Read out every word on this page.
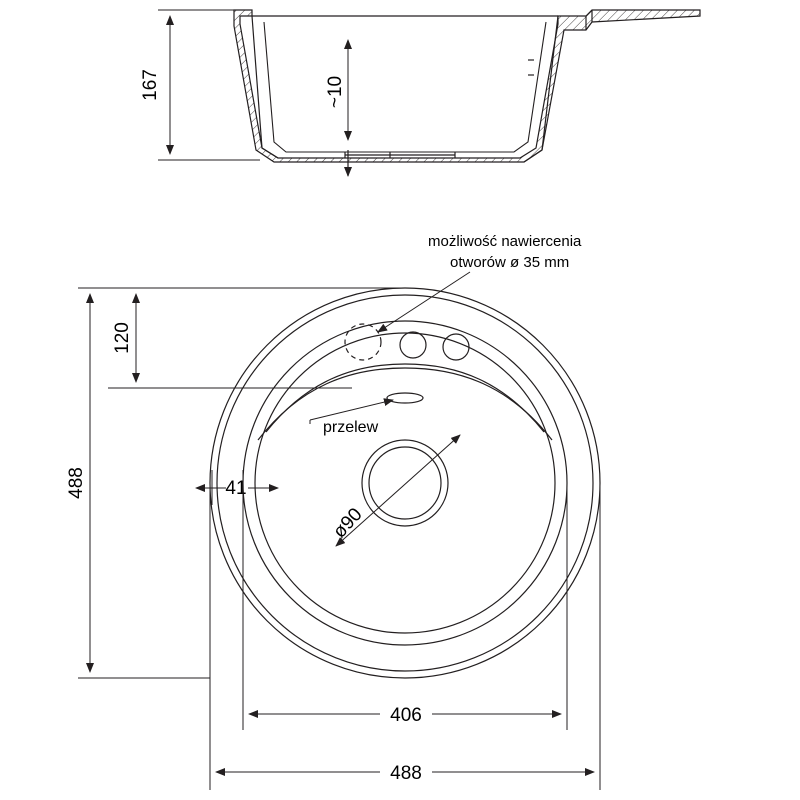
167	~10
możliwość nawiercenia
otworów ø 35 mm
przelew
ø90
120
488	41
406
488
